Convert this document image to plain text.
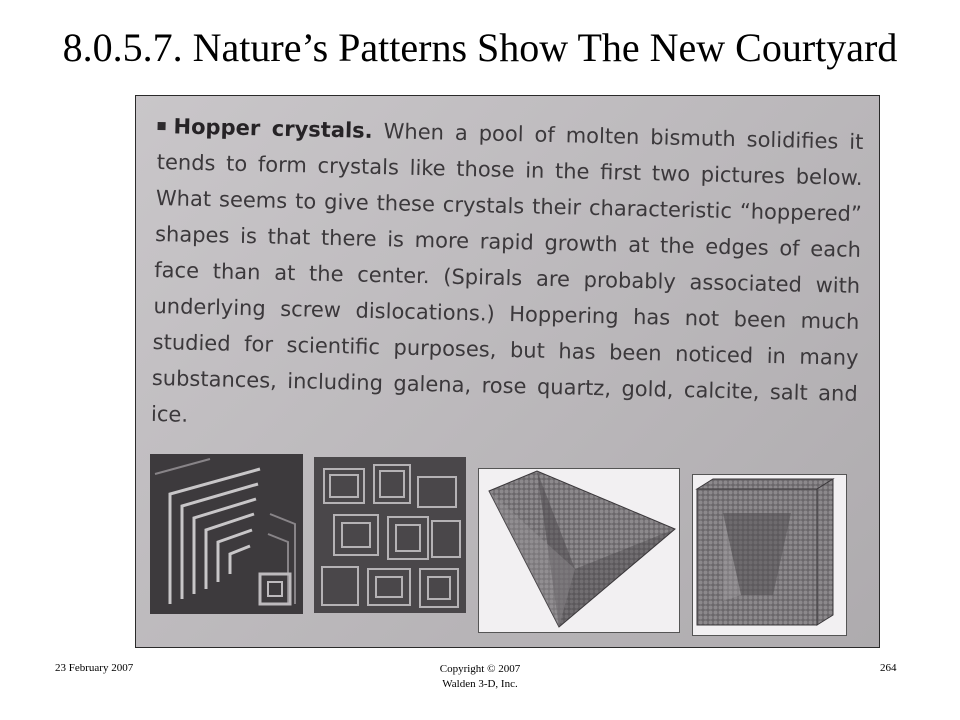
8.0.5.7. Nature’s Patterns Show The New Courtyard
Hopper crystals. When a pool of molten bismuth solidifies it tends to form crystals like those in the first two pictures below. What seems to give these crystals their characteristic “hoppered” shapes is that there is more rapid growth at the edges of each face than at the center. (Spirals are probably associated with underlying screw dislocations.) Hoppering has not been much studied for scientific purposes, but has been noticed in many substances, including galena, rose quartz, gold, calcite, salt and ice.
23 February 2007	Copyright © 2007
Walden 3-D, Inc.
264
